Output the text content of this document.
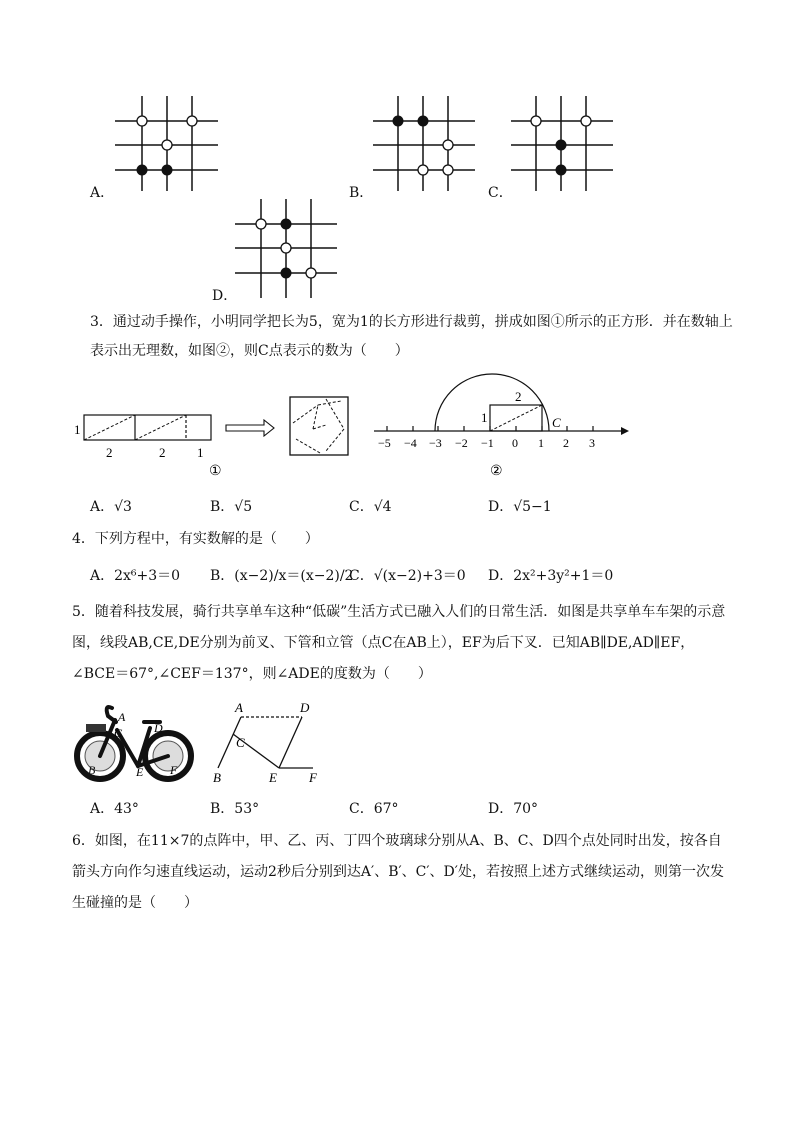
A．	B．	C．
D．
3．通过动手操作，小明同学把长为5，宽为1的长方形进行裁剪，拼成如图①所示的正方形．并在数轴上
表示出无理数，如图②，则C点表示的数为（　　）
1
2	2 1
①
1
2
C
−5 −4 −3 −2 −1 0 1 2 3
②
A．√3	B．√5	C．√4	D．√5−1
4．下列方程中，有实数解的是（　　）
A．2x⁶+3＝0 B．(x−2)/x＝(x−2)/2
C．√(x−2)+3＝0 D．2x²+3y²+1＝0
5．随着科技发展，骑行共享单车这种“低碳”生活方式已融入人们的日常生活．如图是共享单车车架的示意
图，线段AB,CE,DE分别为前叉、下管和立管（点C在AB上），EF为后下叉．已知AB∥DE,AD∥EF，
∠BCE＝67°,∠CEF＝137°，则∠ADE的度数为（　　）
A
C	D
B	E F
A	D
C
B	E F
A．43°	B．53°	C．67°	D．70°
6．如图，在11×7的点阵中，甲、乙、丙、丁四个玻璃球分别从A、B、C、D四个点处同时出发，按各自
箭头方向作匀速直线运动，运动2秒后分别到达A′、B′、C′、D′处，若按照上述方式继续运动，则第一次发
生碰撞的是（　　）
